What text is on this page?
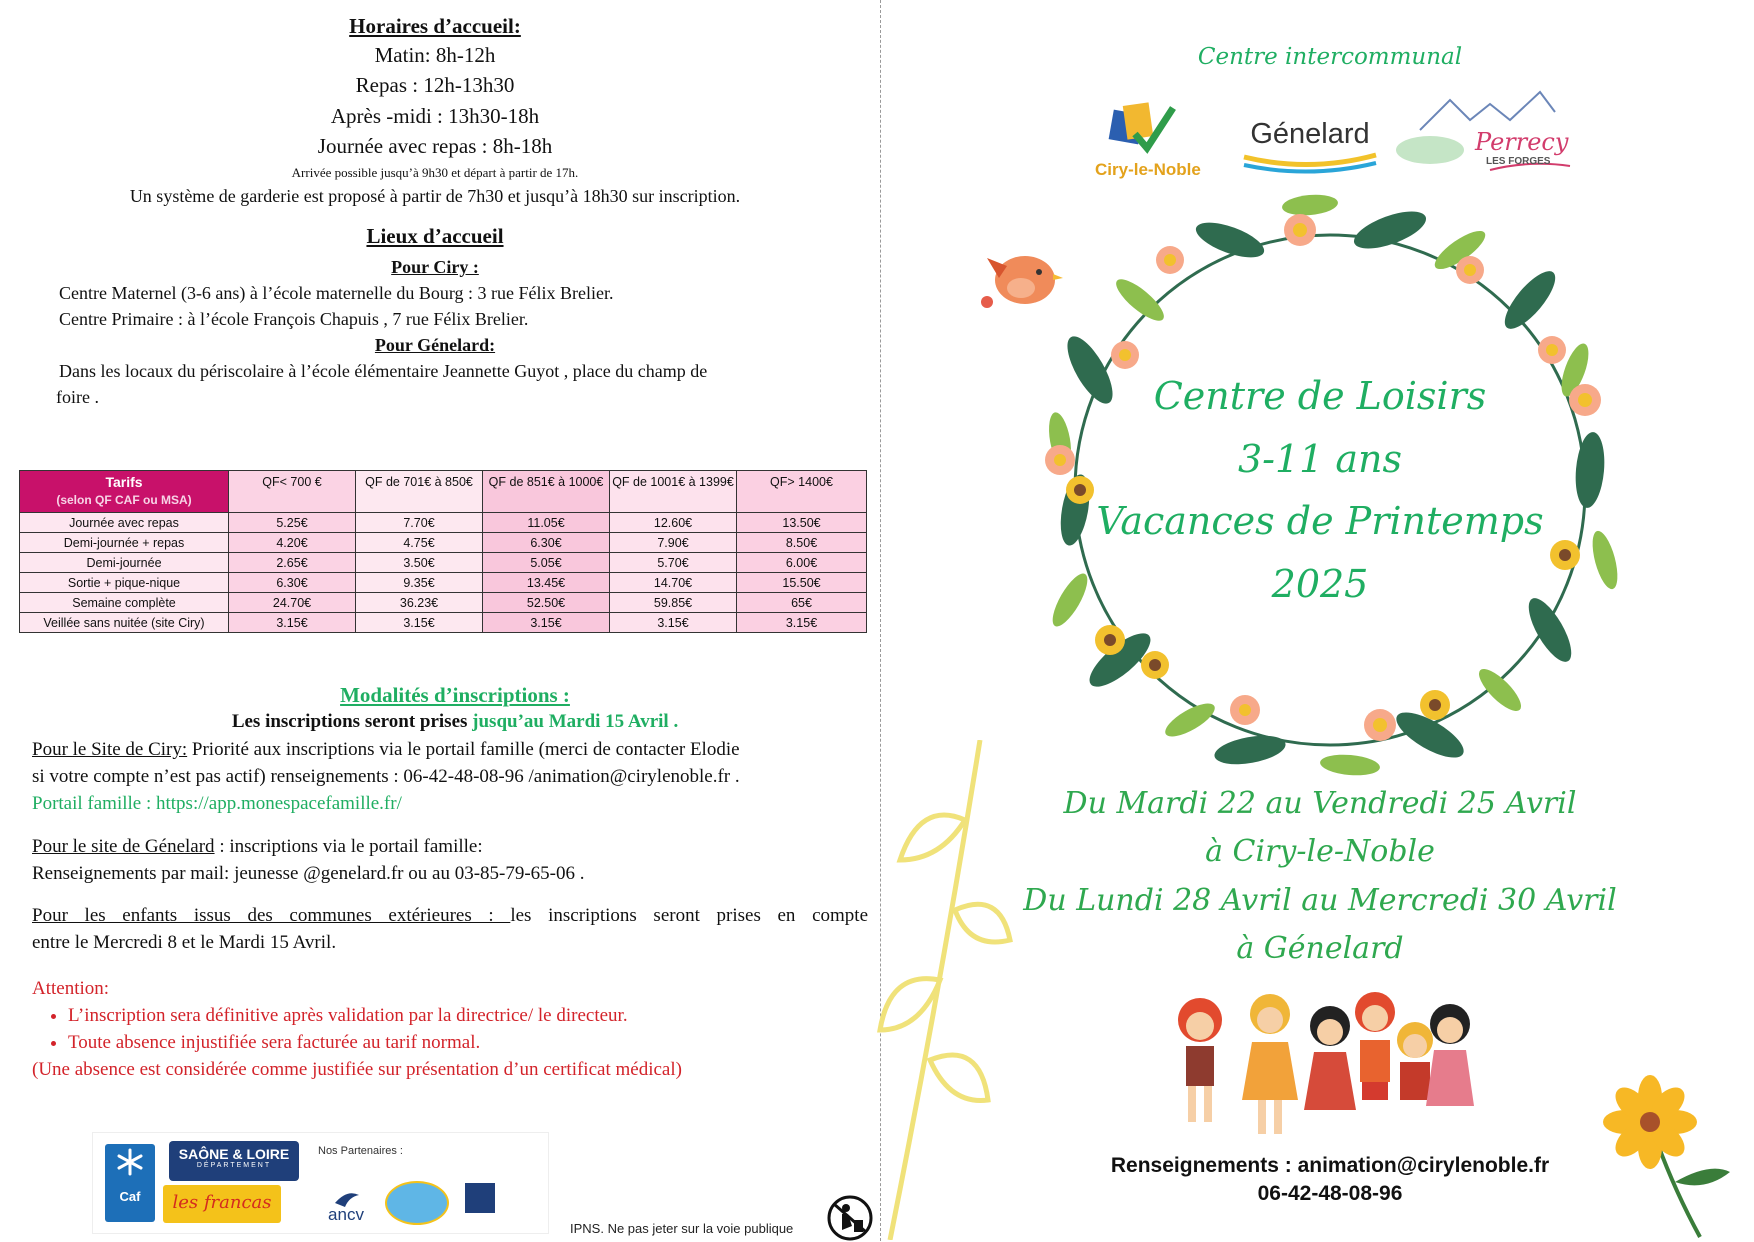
Horaires d’accueil:
Matin: 8h-12h
Repas : 12h-13h30
Après -midi : 13h30-18h
Journée avec repas : 8h-18h
Arrivée possible jusqu’à 9h30 et départ à partir de 17h.
Un système de garderie est proposé à partir de 7h30 et jusqu’à 18h30 sur inscription.
Lieux d’accueil
Pour Ciry :
Centre Maternel (3-6 ans) à l’école maternelle du Bourg : 3 rue Félix Brelier.
Centre Primaire : à l’école François Chapuis , 7 rue Félix Brelier.
Pour Génelard:
Dans les locaux du périscolaire à l’école élémentaire Jeannette Guyot , place du champ de
foire .
Tarifs
(selon QF CAF ou MSA)	QF< 700 €	QF de 701€ à 850€	QF de 851€ à 1000€	QF de 1001€ à 1399€	QF> 1400€
Journée avec repas	5.25€	7.70€	11.05€	12.60€	13.50€
Demi-journée + repas	4.20€	4.75€	6.30€	7.90€	8.50€
Demi-journée	2.65€	3.50€	5.05€	5.70€	6.00€
Sortie + pique-nique	6.30€	9.35€	13.45€	14.70€	15.50€
Semaine complète	24.70€	36.23€	52.50€	59.85€	65€
Veillée sans nuitée (site Ciry)	3.15€	3.15€	3.15€	3.15€	3.15€
Modalités d’inscriptions :
Les inscriptions seront prises jusqu’au Mardi 15 Avril .
Pour le Site de Ciry: Priorité aux inscriptions via le portail famille (merci de contacter Elodie
si votre compte n’est pas actif) renseignements : 06-42-48-08-96 /animation@cirylenoble.fr .
Portail famille : https://app.monespacefamille.fr/
Pour le site de Génelard : inscriptions via le portail famille:
Renseignements par mail: jeunesse @genelard.fr ou au 03-85-79-65-06 .
Pour les enfants issus des communes extérieures : les inscriptions seront prises en compte
entre le Mercredi 8 et le Mardi 15 Avril.
Attention:
• L’inscription sera définitive après validation par la directrice/ le directeur.
• Toute absence injustifiée sera facturée au tarif normal.
(Une absence est considérée comme justifiée sur présentation d’un certificat médical)
Caf
SAÔNE & LOIRE
DÉPARTEMENT
les francas
Nos Partenaires :
ancv
IPNS. Ne pas jeter sur la voie publique
Centre intercommunal
Ciry-le-Noble
Génelard	Perrecy
LES FORGES
Centre de Loisirs
3-11 ans
Vacances de Printemps
2025
Du Mardi 22 au Vendredi 25 Avril
à Ciry-le-Noble
Du Lundi 28 Avril au Mercredi 30 Avril
à Génelard
Renseignements : animation@cirylenoble.fr
06-42-48-08-96
